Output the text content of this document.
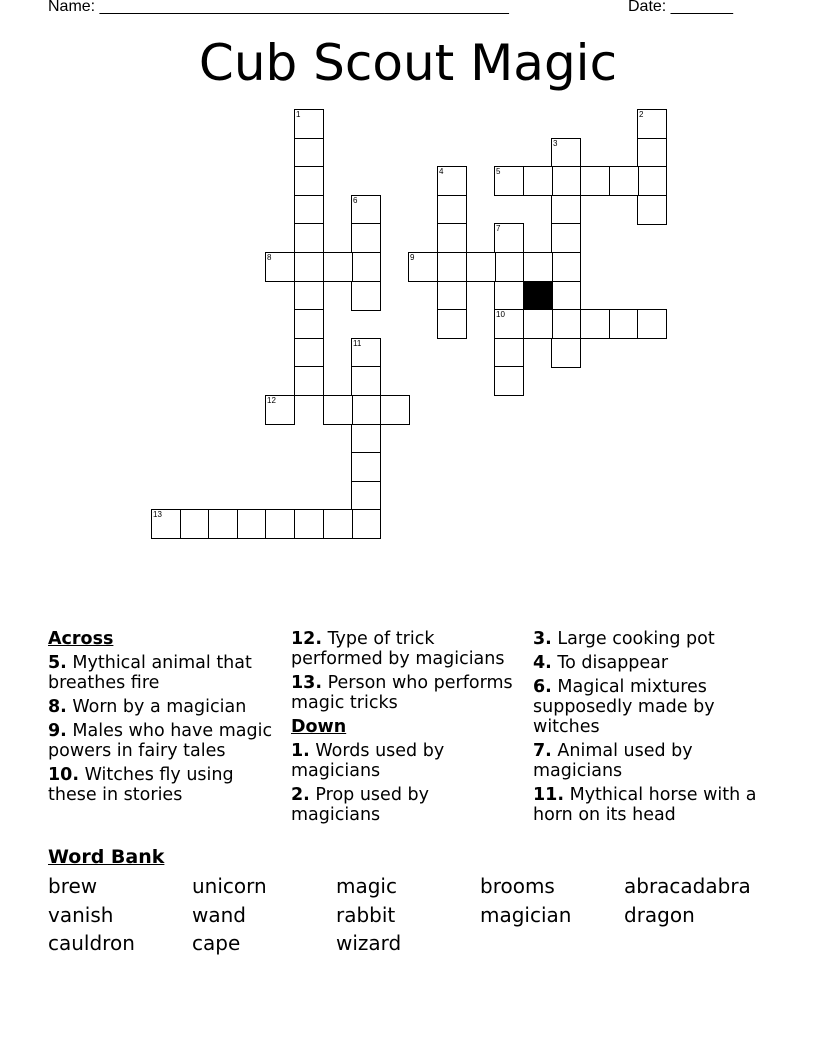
Name: ______________________________________________	Date: _______
Cub Scout Magic
1	2
3
4	5
6
7
10
8	9
11
12
13
Across
5. Mythical animal that breathes fire
8. Worn by a magician
9. Males who have magic powers in fairy tales
10. Witches fly using these in stories
12. Type of trick performed by magicians
13. Person who performs magic tricks
Down
1. Words used by magicians
2. Prop used by magicians
3. Large cooking pot
4. To disappear
6. Magical mixtures supposedly made by witches
7. Animal used by magicians
11. Mythical horse with a horn on its head
Word Bank
brew	unicorn	magic	brooms	abracadabra
vanish	wand	rabbit	magician	dragon
cauldron	cape	wizard
